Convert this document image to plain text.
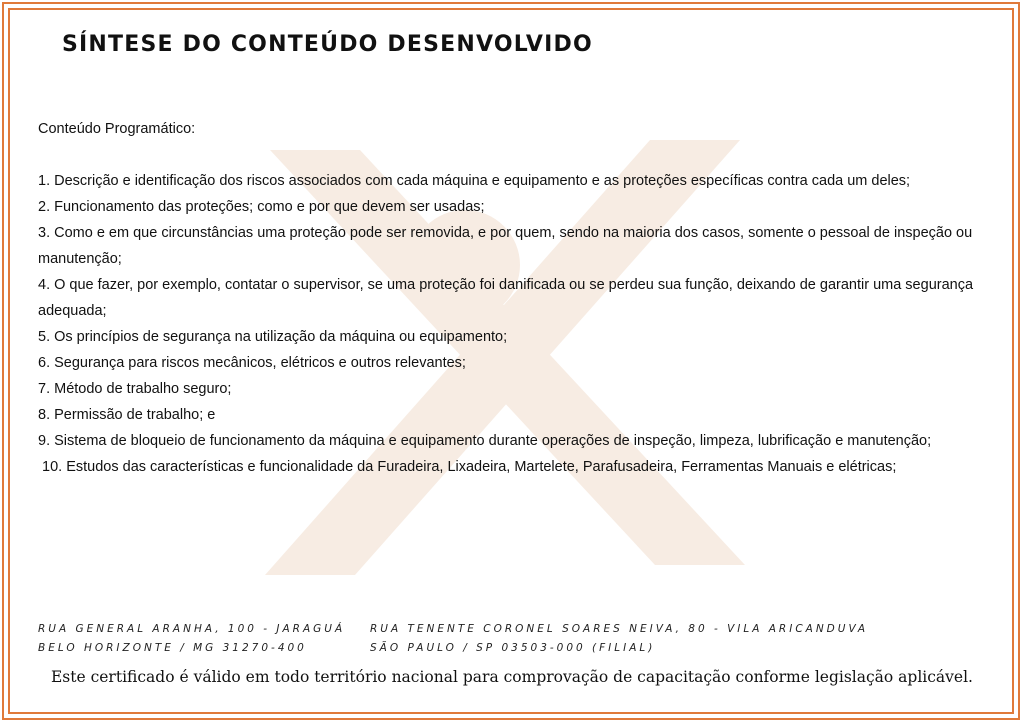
SÍNTESE DO CONTEÚDO DESENVOLVIDO

Conteúdo Programático:

1. Descrição e identificação dos riscos associados com cada máquina e equipamento e as proteções específicas contra cada um deles;

2. Funcionamento das proteções; como e por que devem ser usadas;

3. Como e em que circunstâncias uma proteção pode ser removida, e por quem, sendo na maioria dos casos, somente o pessoal de inspeção ou manutenção;

4. O que fazer, por exemplo, contatar o supervisor, se uma proteção foi danificada ou se perdeu sua função, deixando de garantir uma segurança adequada;

5. Os princípios de segurança na utilização da máquina ou equipamento;

6. Segurança para riscos mecânicos, elétricos e outros relevantes;

7. Método de trabalho seguro;

8. Permissão de trabalho; e

9. Sistema de bloqueio de funcionamento da máquina e equipamento durante operações de inspeção, limpeza, lubrificação e manutenção;

10. Estudos das características e funcionalidade da Furadeira, Lixadeira, Martelete, Parafusadeira, Ferramentas Manuais e elétricas;

RUA GENERAL ARANHA, 100 - JARAGUÁ
BELO HORIZONTE / MG 31270-400
RUA TENENTE CORONEL SOARES NEIVA, 80 - VILA ARICANDUVA
SÃO PAULO / SP 03503-000 (FILIAL)
Este certificado é válido em todo território nacional para comprovação de capacitação conforme legislação aplicável.
